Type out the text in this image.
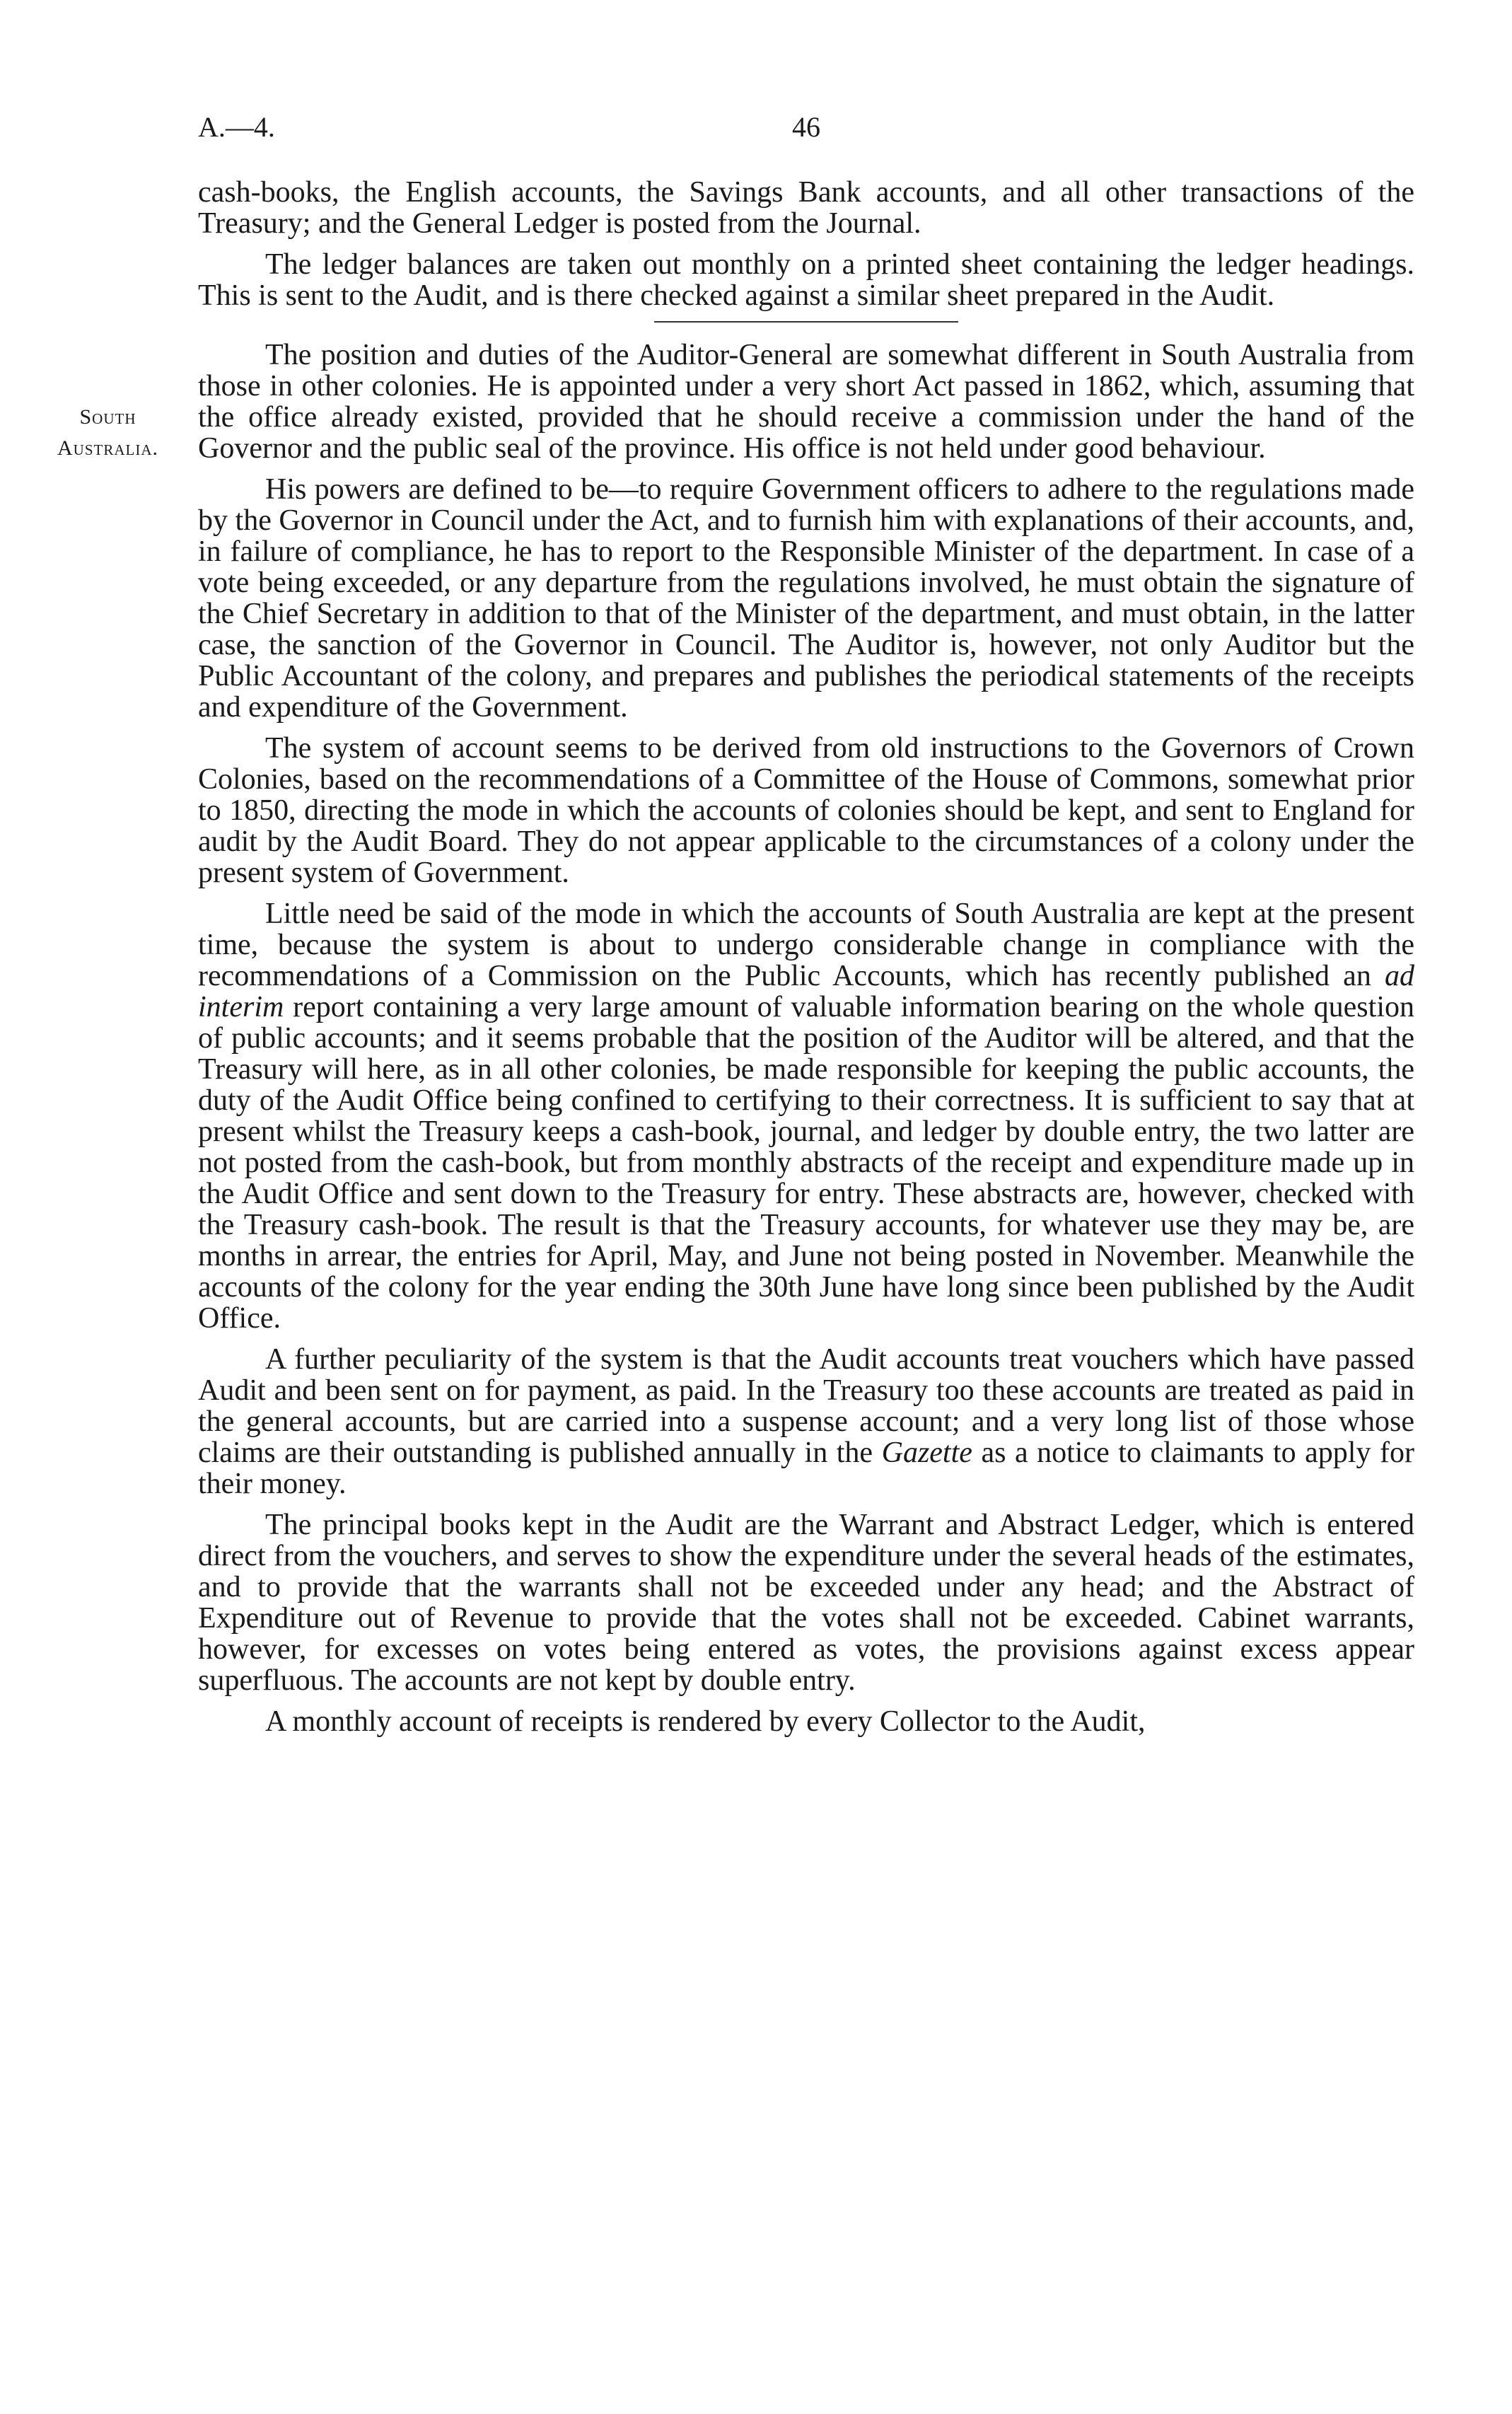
A.—4.	46
South
Australia.

cash-books, the English accounts, the Savings Bank accounts, and all other transactions of the Treasury; and the General Ledger is posted from the Journal.

The ledger balances are taken out monthly on a printed sheet containing the ledger headings. This is sent to the Audit, and is there checked against a similar sheet prepared in the Audit.

The position and duties of the Auditor-General are somewhat different in South Australia from those in other colonies. He is appointed under a very short Act passed in 1862, which, assuming that the office already existed, provided that he should receive a commission under the hand of the Governor and the public seal of the province. His office is not held under good behaviour.

His powers are defined to be—to require Government officers to adhere to the regulations made by the Governor in Council under the Act, and to furnish him with explanations of their accounts, and, in failure of compliance, he has to report to the Responsible Minister of the department. In case of a vote being exceeded, or any departure from the regulations involved, he must obtain the signature of the Chief Secretary in addition to that of the Minister of the department, and must obtain, in the latter case, the sanction of the Governor in Council. The Auditor is, however, not only Auditor but the Public Accountant of the colony, and prepares and publishes the periodical statements of the receipts and expenditure of the Government.

The system of account seems to be derived from old instructions to the Governors of Crown Colonies, based on the recommendations of a Committee of the House of Commons, somewhat prior to 1850, directing the mode in which the accounts of colonies should be kept, and sent to England for audit by the Audit Board. They do not appear applicable to the circumstances of a colony under the present system of Government.

Little need be said of the mode in which the accounts of South Australia are kept at the present time, because the system is about to undergo considerable change in compliance with the recommendations of a Commission on the Public Accounts, which has recently published an ad interim report containing a very large amount of valuable information bearing on the whole question of public accounts; and it seems probable that the position of the Auditor will be altered, and that the Treasury will here, as in all other colonies, be made responsible for keeping the public accounts, the duty of the Audit Office being confined to certifying to their correctness. It is sufficient to say that at present whilst the Treasury keeps a cash-book, journal, and ledger by double entry, the two latter are not posted from the cash-book, but from monthly abstracts of the receipt and expenditure made up in the Audit Office and sent down to the Treasury for entry. These abstracts are, however, checked with the Treasury cash-book. The result is that the Treasury accounts, for whatever use they may be, are months in arrear, the entries for April, May, and June not being posted in November. Meanwhile the accounts of the colony for the year ending the 30th June have long since been published by the Audit Office.

A further peculiarity of the system is that the Audit accounts treat vouchers which have passed Audit and been sent on for payment, as paid. In the Treasury too these accounts are treated as paid in the general accounts, but are carried into a suspense account; and a very long list of those whose claims are their outstanding is published annually in the Gazette as a notice to claimants to apply for their money.

The principal books kept in the Audit are the Warrant and Abstract Ledger, which is entered direct from the vouchers, and serves to show the expenditure under the several heads of the estimates, and to provide that the warrants shall not be exceeded under any head; and the Abstract of Expenditure out of Revenue to provide that the votes shall not be exceeded. Cabinet warrants, however, for excesses on votes being entered as votes, the provisions against excess appear superfluous. The accounts are not kept by double entry.

A monthly account of receipts is rendered by every Collector to the Audit,
